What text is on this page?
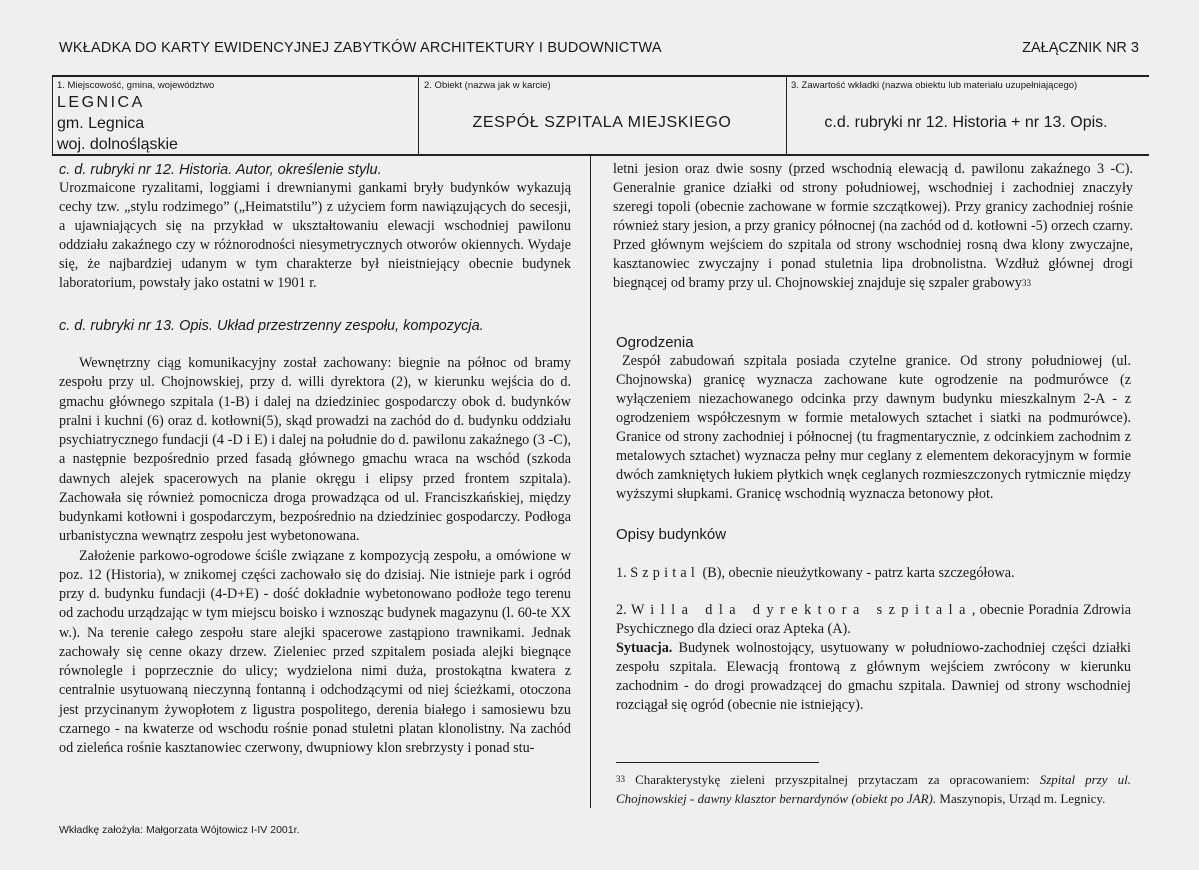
WKŁADKA DO KARTY EWIDENCYJNEJ ZABYTKÓW ARCHITEKTURY I BUDOWNICTWA	ZAŁĄCZNIK NR 3
1. Miejscowość, gmina, województwo
LEGNICA
gm. Legnica
woj. dolnośląskie
2. Obiekt (nazwa jak w karcie)
ZESPÓŁ SZPITALA MIEJSKIEGO
3. Zawartość wkładki (nazwa obiektu lub materiału uzupełniającego)
c.d. rubryki nr 12. Historia + nr 13. Opis.
c. d. rubryki nr 12. Historia. Autor, określenie stylu.

Urozmaicone ryzalitami, loggiami i drewnianymi gankami bryły budynków wykazują cechy tzw. „stylu rodzimego” („Heimatstilu”) z użyciem form nawiązujących do secesji, a ujawniających się na przykład w ukształtowaniu elewacji wschodniej pawilonu oddziału zakaźnego czy w różnorodności niesymetrycznych otworów okiennych. Wydaje się, że najbardziej udanym w tym charakterze był nieistniejący obecnie budynek laboratorium, powstały jako ostatni w 1901 r.

c. d. rubryki nr 13. Opis. Układ przestrzenny zespołu, kompozycja.

Wewnętrzny ciąg komunikacyjny został zachowany: biegnie na północ od bramy zespołu przy ul. Chojnowskiej, przy d. willi dyrektora (2), w kierunku wejścia do d. gmachu głównego szpitala (1-B) i dalej na dziedziniec gospodarczy obok d. budynków pralni i kuchni (6) oraz d. kotłowni(5), skąd prowadzi na zachód do d. budynku oddziału psychiatrycznego fundacji (4 -D i E) i dalej na południe do d. pawilonu zakaźnego (3 -C), a następnie bezpośrednio przed fasadą głównego gmachu wraca na wschód (szkoda dawnych alejek spacerowych na planie okręgu i elipsy przed frontem szpitala). Zachowała się również pomocnicza droga prowadząca od ul. Franciszkańskiej, między budynkami kotłowni i gospodarczym, bezpośrednio na dziedziniec gospodarczy. Podłoga urbanistyczna wewnątrz zespołu jest wybetonowana.

Założenie parkowo-ogrodowe ściśle związane z kompozycją zespołu, a omówione w poz. 12 (Historia), w znikomej części zachowało się do dzisiaj. Nie istnieje park i ogród przy d. budynku fundacji (4-D+E) - dość dokładnie wybetonowano podłoże tego terenu od zachodu urządzając w tym miejscu boisko i wznosząc budynek magazynu (l. 60-te XX w.). Na terenie całego zespołu stare alejki spacerowe zastąpiono trawnikami. Jednak zachowały się cenne okazy drzew. Zieleniec przed szpitalem posiada alejki biegnące równolegle i poprzecznie do ulicy; wydzielona nimi duża, prostokątna kwatera z centralnie usytuowaną nieczynną fontanną i odchodzącymi od niej ścieżkami, otoczona jest przycinanym żywopłotem z ligustra pospolitego, derenia białego i samosiewu bzu czarnego - na kwaterze od wschodu rośnie ponad stuletni platan klonolistny. Na zachód od zieleńca rośnie kasztanowiec czerwony, dwupniowy klon srebrzysty i ponad stu-

Wkładkę założyła: Małgorzata Wójtowicz I-IV 2001r.

letni jesion oraz dwie sosny (przed wschodnią elewacją d. pawilonu zakaźnego 3 -C). Generalnie granice działki od strony południowej, wschodniej i zachodniej znaczyły szeregi topoli (obecnie zachowane w formie szczątkowej). Przy granicy zachodniej rośnie również stary jesion, a przy granicy północnej (na zachód od d. kotłowni -5) orzech czarny. Przed głównym wejściem do szpitala od strony wschodniej rosną dwa klony zwyczajne, kasztanowiec zwyczajny i ponad stuletnia lipa drobnolistna. Wzdłuż głównej drogi biegnącej od bramy przy ul. Chojnowskiej znajduje się szpaler grabowy$^{33}$

Ogrodzenia

Zespół zabudowań szpitala posiada czytelne granice. Od strony południowej (ul. Chojnowska) granicę wyznacza zachowane kute ogrodzenie na podmurówce (z wyłączeniem niezachowanego odcinka przy dawnym budynku mieszkalnym 2-A - z ogrodzeniem współczesnym w formie metalowych sztachet i siatki na podmurówce). Granice od strony zachodniej i północnej (tu fragmentarycznie, z odcinkiem zachodnim z metalowych sztachet) wyznacza pełny mur ceglany z elementem dekoracyjnym w formie dwóch zamkniętych łukiem płytkich wnęk ceglanych rozmieszczonych rytmicznie między wyższymi słupkami. Granicę wschodnią wyznacza betonowy płot.

Opisy budynków

1. Szpital (B), obecnie nieużytkowany - patrz karta szczegółowa.

2. Willa dla dyrektora szpitala, obecnie Poradnia Zdrowia Psychicznego dla dzieci oraz Apteka (A).

Sytuacja. Budynek wolnostojący, usytuowany w południowo-zachodniej części działki zespołu szpitala. Elewacją frontową z głównym wejściem zwrócony w kierunku zachodnim - do drogi prowadzącej do gmachu szpitala. Dawniej od strony wschodniej rozciągał się ogród (obecnie nie istniejący).

$^{33}$ Charakterystykę zieleni przyszpitalnej przytaczam za opracowaniem: Szpital przy ul. Chojnowskiej - dawny klasztor bernardynów (obiekt po JAR). Maszynopis, Urząd m. Legnicy.
